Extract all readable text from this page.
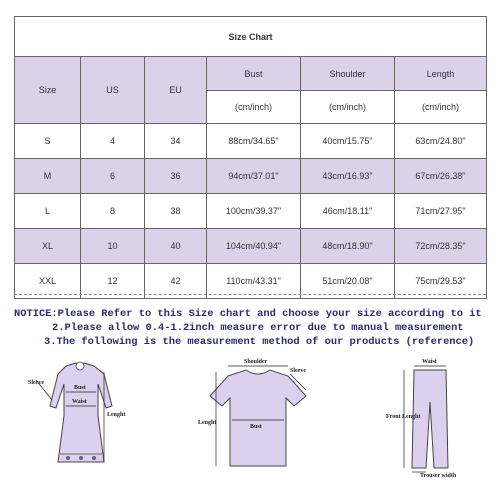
Size Chart					
Size	US	EU	Bust	Shoulder	Length
			(cm/inch)	(cm/inch)	(cm/inch)
S	4	34	88cm/34.65"	40cm/15.75"	63cm/24.80"
M	6	36	94cm/37.01"	43cm/16.93"	67cm/26.38"
L	8	38	100cm/39.37"	46cm/18.11"	71cm/27.95"
XL	10	40	104cm/40.94"	48cm/18.90"	72cm/28.35"
XXL	12	42	110cm/43.31"	51cm/20.08"	75cm/29.53"
NOTICE:Please Refer to this Size chart and choose your size according to it
2.Please allow 0.4-1.2inch measure error due to manual measurement
3.The following is the measurement method of our products (reference)
Sleeve
Bust
Waist
Lenght
Shoulder
Sleeve
Bust
Lenght
Waist
Front Lenght
Trouser width
